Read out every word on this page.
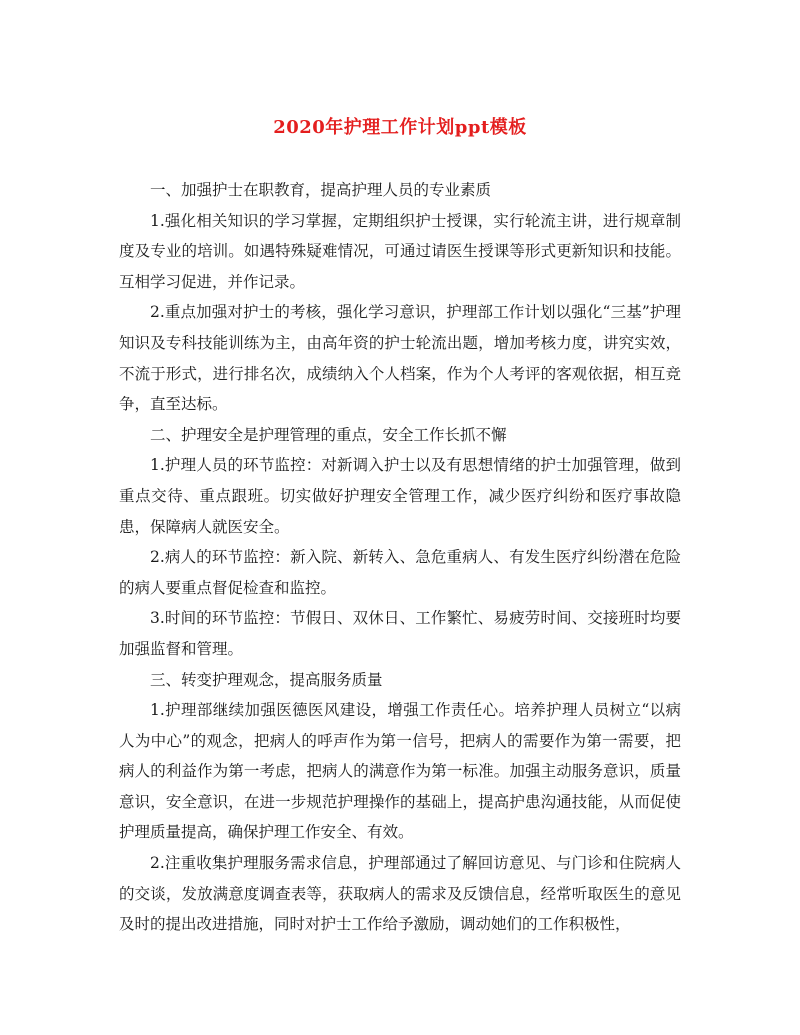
2020年护理工作计划ppt模板

一、加强护士在职教育，提高护理人员的专业素质

1.强化相关知识的学习掌握，定期组织护士授课，实行轮流主讲，进行规章制度及专业的培训。如遇特殊疑难情况，可通过请医生授课等形式更新知识和技能。互相学习促进，并作记录。

2.重点加强对护士的考核，强化学习意识，护理部工作计划以强化“三基”护理知识及专科技能训练为主，由高年资的护士轮流出题，增加考核力度，讲究实效，不流于形式，进行排名次，成绩纳入个人档案，作为个人考评的客观依据，相互竞争，直至达标。

二、护理安全是护理管理的重点，安全工作长抓不懈

1.护理人员的环节监控：对新调入护士以及有思想情绪的护士加强管理，做到重点交待、重点跟班。切实做好护理安全管理工作，减少医疗纠纷和医疗事故隐患，保障病人就医安全。

2.病人的环节监控：新入院、新转入、急危重病人、有发生医疗纠纷潜在危险的病人要重点督促检查和监控。

3.时间的环节监控：节假日、双休日、工作繁忙、易疲劳时间、交接班时均要加强监督和管理。

三、转变护理观念，提高服务质量

1.护理部继续加强医德医风建设，增强工作责任心。培养护理人员树立“以病人为中心”的观念，把病人的呼声作为第一信号，把病人的需要作为第一需要，把病人的利益作为第一考虑，把病人的满意作为第一标准。加强主动服务意识，质量意识，安全意识，在进一步规范护理操作的基础上，提高护患沟通技能，从而促使护理质量提高，确保护理工作安全、有效。

2.注重收集护理服务需求信息，护理部通过了解回访意见、与门诊和住院病人的交谈，发放满意度调查表等，获取病人的需求及反馈信息，经常听取医生的意见及时的提出改进措施，同时对护士工作给予激励，调动她们的工作积极性，
